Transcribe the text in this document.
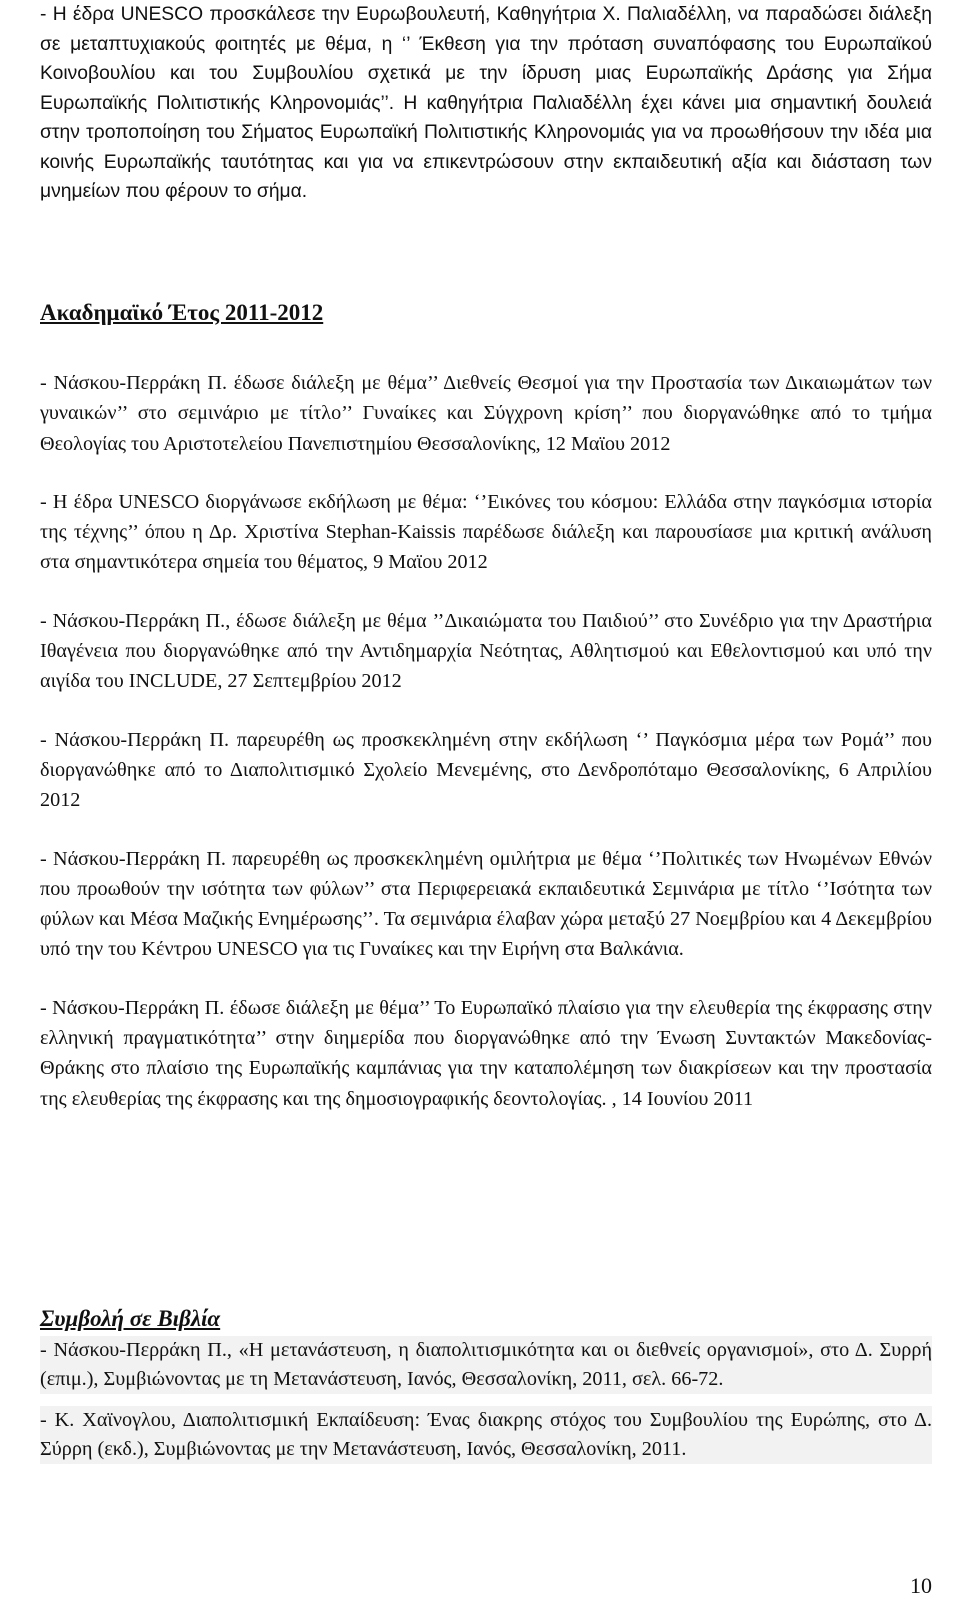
- Η έδρα UNESCO προσκάλεσε την Ευρωβουλευτή, Καθηγήτρια Χ. Παλιαδέλλη, να παραδώσει διάλεξη σε μεταπτυχιακούς φοιτητές με θέμα, η ‘’ Έκθεση για την πρόταση συναπόφασης του Ευρωπαϊκού Κοινοβουλίου και του Συμβουλίου σχετικά με την ίδρυση μιας Ευρωπαϊκής Δράσης για Σήμα Ευρωπαϊκής Πολιτιστικής Κληρονομιάς’’. Η καθηγήτρια Παλιαδέλλη έχει κάνει μια σημαντική δουλειά στην τροποποίηση του Σήματος Ευρωπαϊκή Πολιτιστικής Κληρονομιάς για να προωθήσουν την ιδέα μια κοινής Ευρωπαϊκής ταυτότητας και για να επικεντρώσουν στην εκπαιδευτική αξία και διάσταση των μνημείων που φέρουν το σήμα.

Ακαδημαϊκό Έτος 2011-2012

- Νάσκου-Περράκη Π. έδωσε διάλεξη με θέμα’’ Διεθνείς Θεσμοί για την Προστασία των Δικαιωμάτων των γυναικών’’ στο σεμινάριο με τίτλο’’ Γυναίκες και Σύγχρονη κρίση’’ που διοργανώθηκε από το τμήμα Θεολογίας του Αριστοτελείου Πανεπιστημίου Θεσσαλονίκης, 12 Μαϊου 2012

- Η έδρα UNESCO διοργάνωσε εκδήλωση με θέμα: ‘’Εικόνες του κόσμου: Ελλάδα στην παγκόσμια ιστορία της τέχνης’’ όπου η Δρ. Χριστίνα Stephan-Kaissis παρέδωσε διάλεξη και παρουσίασε μια κριτική ανάλυση στα σημαντικότερα σημεία του θέματος, 9 Μαϊου 2012

- Νάσκου-Περράκη Π., έδωσε διάλεξη με θέμα ’’Δικαιώματα του Παιδιού’’ στο Συνέδριο για την Δραστήρια Ιθαγένεια που διοργανώθηκε από την Αντιδημαρχία Νεότητας, Αθλητισμού και Εθελοντισμού και υπό την αιγίδα του INCLUDE, 27 Σεπτεμβρίου 2012

- Νάσκου-Περράκη Π. παρευρέθη ως προσκεκλημένη στην εκδήλωση ‘’ Παγκόσμια μέρα των Ρομά’’ που διοργανώθηκε από το Διαπολιτισμικό Σχολείο Μενεμένης, στο Δενδροπόταμο Θεσσαλονίκης, 6 Απριλίου 2012

- Νάσκου-Περράκη Π. παρευρέθη ως προσκεκλημένη ομιλήτρια με θέμα ‘’Πολιτικές των Ηνωμένων Εθνών που προωθούν την ισότητα των φύλων’’ στα Περιφερειακά εκπαιδευτικά Σεμινάρια με τίτλο ‘’Ισότητα των φύλων και Μέσα Μαζικής Ενημέρωσης’’. Τα σεμινάρια έλαβαν χώρα μεταξύ 27 Νοεμβρίου και 4 Δεκεμβρίου υπό την του Κέντρου UNESCO για τις Γυναίκες και την Ειρήνη στα Βαλκάνια.

- Νάσκου-Περράκη Π. έδωσε διάλεξη με θέμα’’ Το Ευρωπαϊκό πλαίσιο για την ελευθερία της έκφρασης στην ελληνική πραγματικότητα’’ στην διημερίδα που διοργανώθηκε από την Ένωση Συντακτών Μακεδονίας- Θράκης στο πλαίσιο της Ευρωπαϊκής καμπάνιας για την καταπολέμηση των διακρίσεων και την προστασία της ελευθερίας της έκφρασης και της δημοσιογραφικής δεοντολογίας. , 14 Ιουνίου 2011

Συμβολή σε Βιβλία

- Νάσκου-Περράκη Π., «Η μετανάστευση, η διαπολιτισμικότητα και οι διεθνείς οργανισμοί», στο Δ. Συρρή (επιμ.), Συμβιώνοντας με τη Μετανάστευση, Ιανός, Θεσσαλονίκη, 2011, σελ. 66-72.

- Κ. Χαϊνογλου, Διαπολιτισμική Εκπαίδευση: Ένας διακρης στόχος του Συμβουλίου της Ευρώπης, στο Δ. Σύρρη (εκδ.), Συμβιώνοντας με την Μετανάστευση, Ιανός, Θεσσαλονίκη, 2011.

10
